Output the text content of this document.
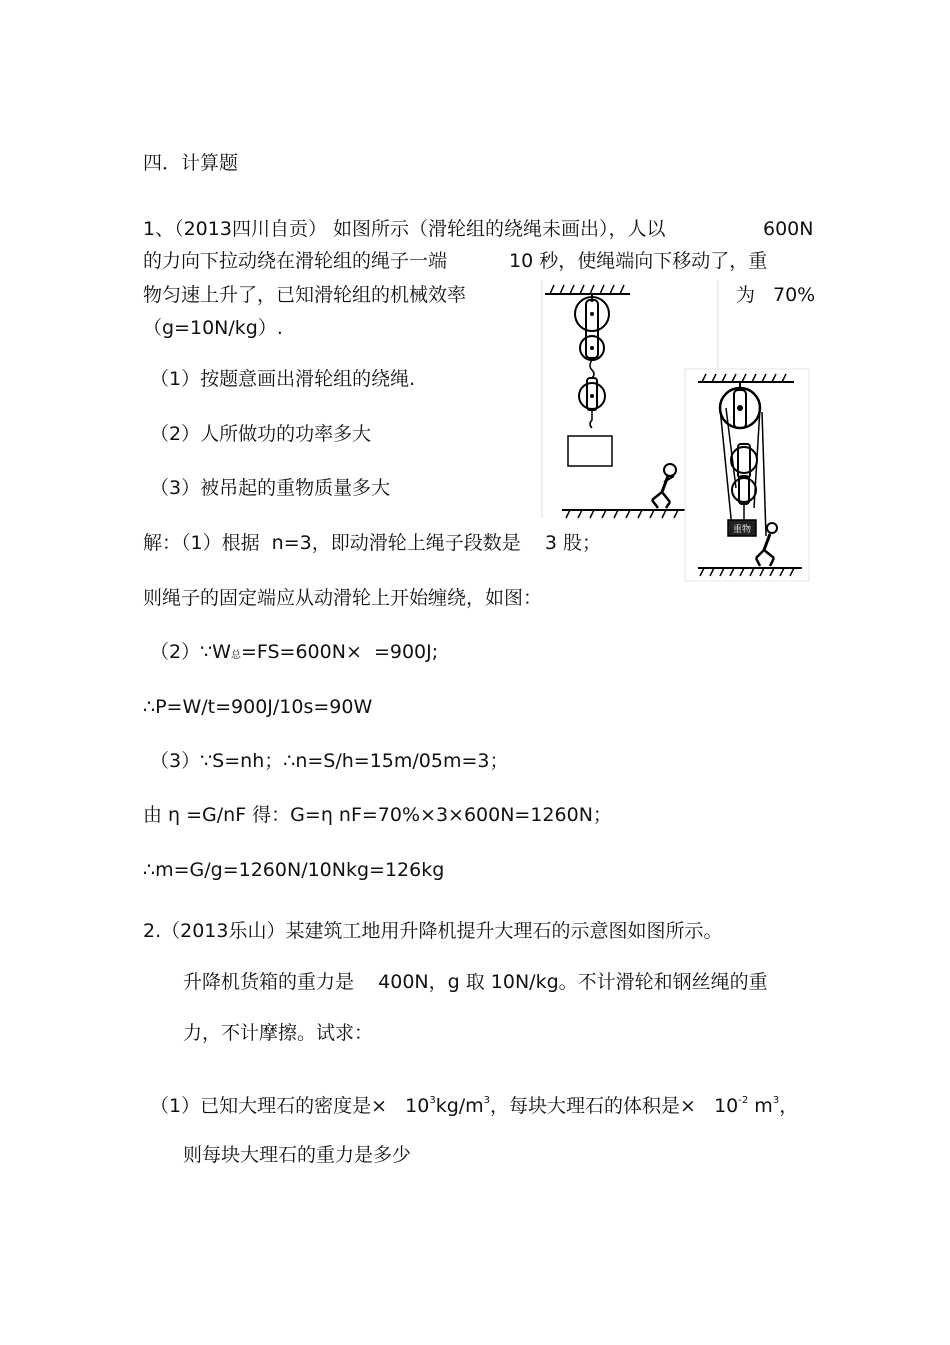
四．计算题
1、（2013四川自贡） 如图所示（滑轮组的绕绳未画出），人以	600N
的力向下拉动绕在滑轮组的绳子一端	10 秒，使绳端向下移动了，重
物匀速上升了，已知滑轮组的机械效率	为 70%
（g=10N/kg）.
（1）按题意画出滑轮组的绕绳.
（2）人所做功的功率多大
（3）被吊起的重物质量多大
解：（1）根据  n=3，即动滑轮上绳子段数是    3 股；
则绳子的固定端应从动滑轮上开始缠绕，如图：
（2）∵W总=FS=600N×  =900J;
∴P=W/t=900J/10s=90W
（3）∵S=nh；∴n=S/h=15m/05m=3；
由 η =G/nF 得：G=η nF=70%×3×600N=1260N；
∴m=G/g=1260N/10Nkg=126kg
2.（2013乐山）某建筑工地用升降机提升大理石的示意图如图所示。
升降机货箱的重力是    400N，g 取 10N/kg。不计滑轮和钢丝绳的重
力，不计摩擦。试求：
（1）已知大理石的密度是×   $10^3kg/m^3$，每块大理石的体积是×   $10^{-2}$ $m^3$，
则每块大理石的重力是多少
重物
